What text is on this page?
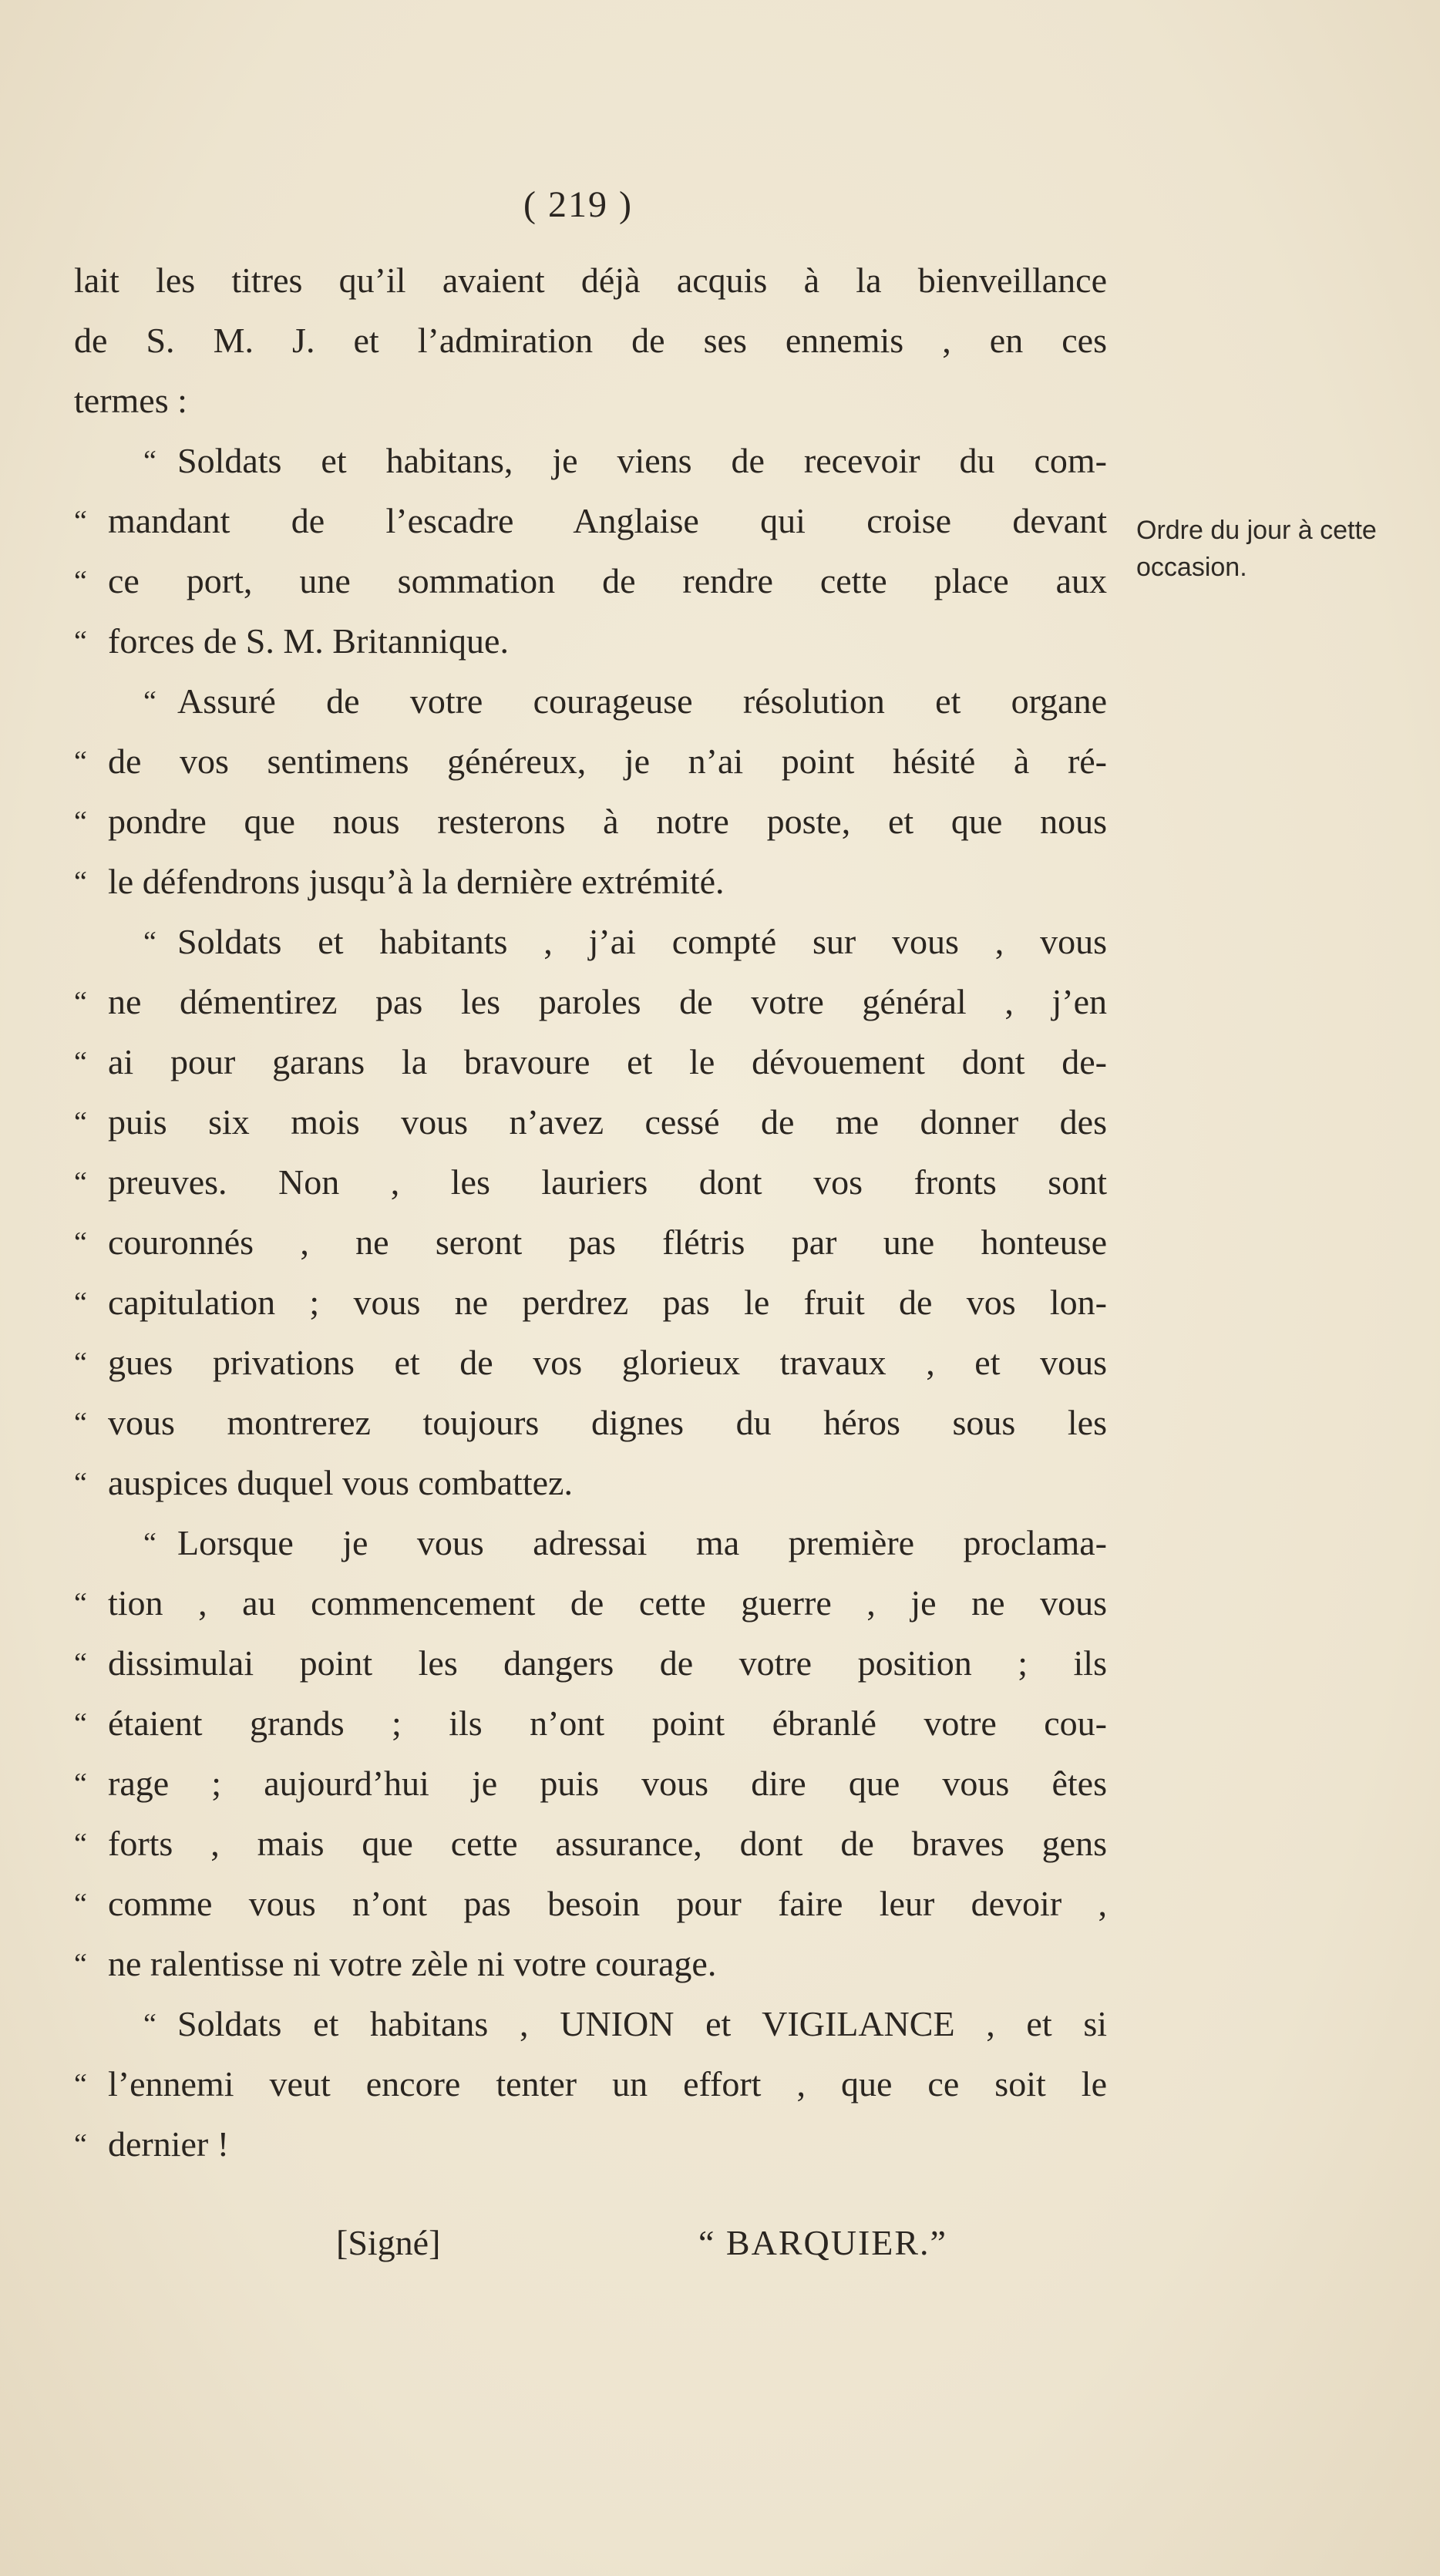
( 219 )
lait les titres qu’il avaient déjà acquis à la bienveillance
de S. M. J. et l’admiration de ses ennemis , en ces
termes :
“ Soldats et habitans, je viens de recevoir du com-
“ mandant de l’escadre Anglaise qui croise devant
“ ce port, une sommation de rendre cette place aux
“ forces de S. M. Britannique.
“ Assuré de votre courageuse résolution et organe
“ de vos sentimens généreux, je n’ai point hésité à ré-
“ pondre que nous resterons à notre poste, et que nous
“ le défendrons jusqu’à la dernière extrémité.
“ Soldats et habitants , j’ai compté sur vous , vous
“ ne démentirez pas les paroles de votre général , j’en
“ ai pour garans la bravoure et le dévouement dont de-
“ puis six mois vous n’avez cessé de me donner des
“ preuves. Non , les lauriers dont vos fronts sont
“ couronnés , ne seront pas flétris par une honteuse
“ capitulation ; vous ne perdrez pas le fruit de vos lon-
“ gues privations et de vos glorieux travaux , et vous
“ vous montrerez toujours dignes du héros sous les
“ auspices duquel vous combattez.
“ Lorsque je vous adressai ma première proclama-
“ tion , au commencement de cette guerre , je ne vous
“ dissimulai point les dangers de votre position ; ils
“ étaient grands ; ils n’ont point ébranlé votre cou-
“ rage ; aujourd’hui je puis vous dire que vous êtes
“ forts , mais que cette assurance, dont de braves gens
“ comme vous n’ont pas besoin pour faire leur devoir ,
“ ne ralentisse ni votre zèle ni votre courage.
“ Soldats et habitans , UNION et VIGILANCE , et si
“ l’ennemi veut encore tenter un effort , que ce soit le
“ dernier !
Ordre du jour à cette occasion.
[Signé]	“ BARQUIER.”
